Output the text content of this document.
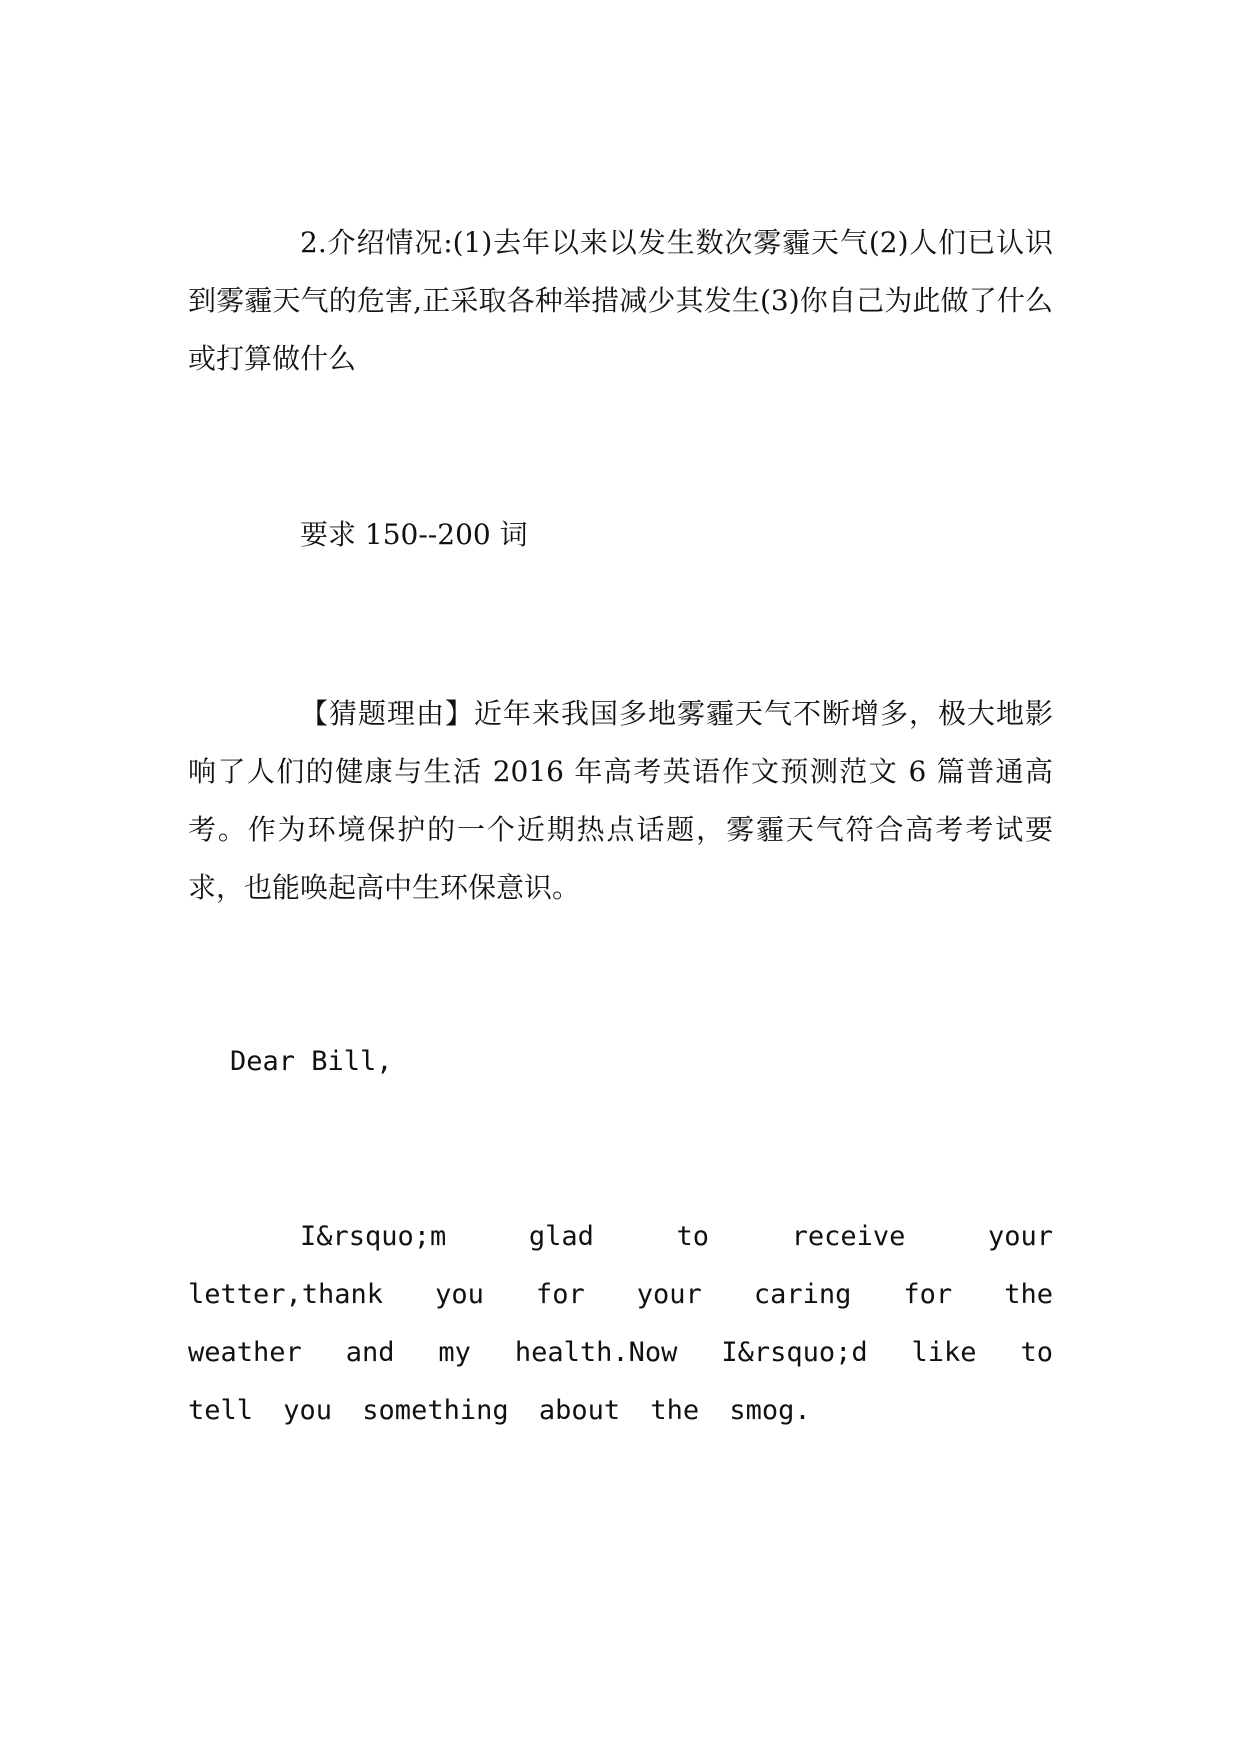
2.介绍情况:(1)去年以来以发生数次雾霾天气(2)人们已认识到雾霾天气的危害,正采取各种举措减少其发生(3)你自己为此做了什么或打算做什么

要求 150--200 词

【猜题理由】近年来我国多地雾霾天气不断增多，极大地影响了人们的健康与生活 2016 年高考英语作文预测范文 6 篇普通高考。作为环境保护的一个近期热点话题，雾霾天气符合高考考试要求，也能唤起高中生环保意识。

Dear Bill,

I&rsquo;m glad to receive your letter,thank you for your caring for the weather and my health.Now I&rsquo;d like to tell you something about the smog.
